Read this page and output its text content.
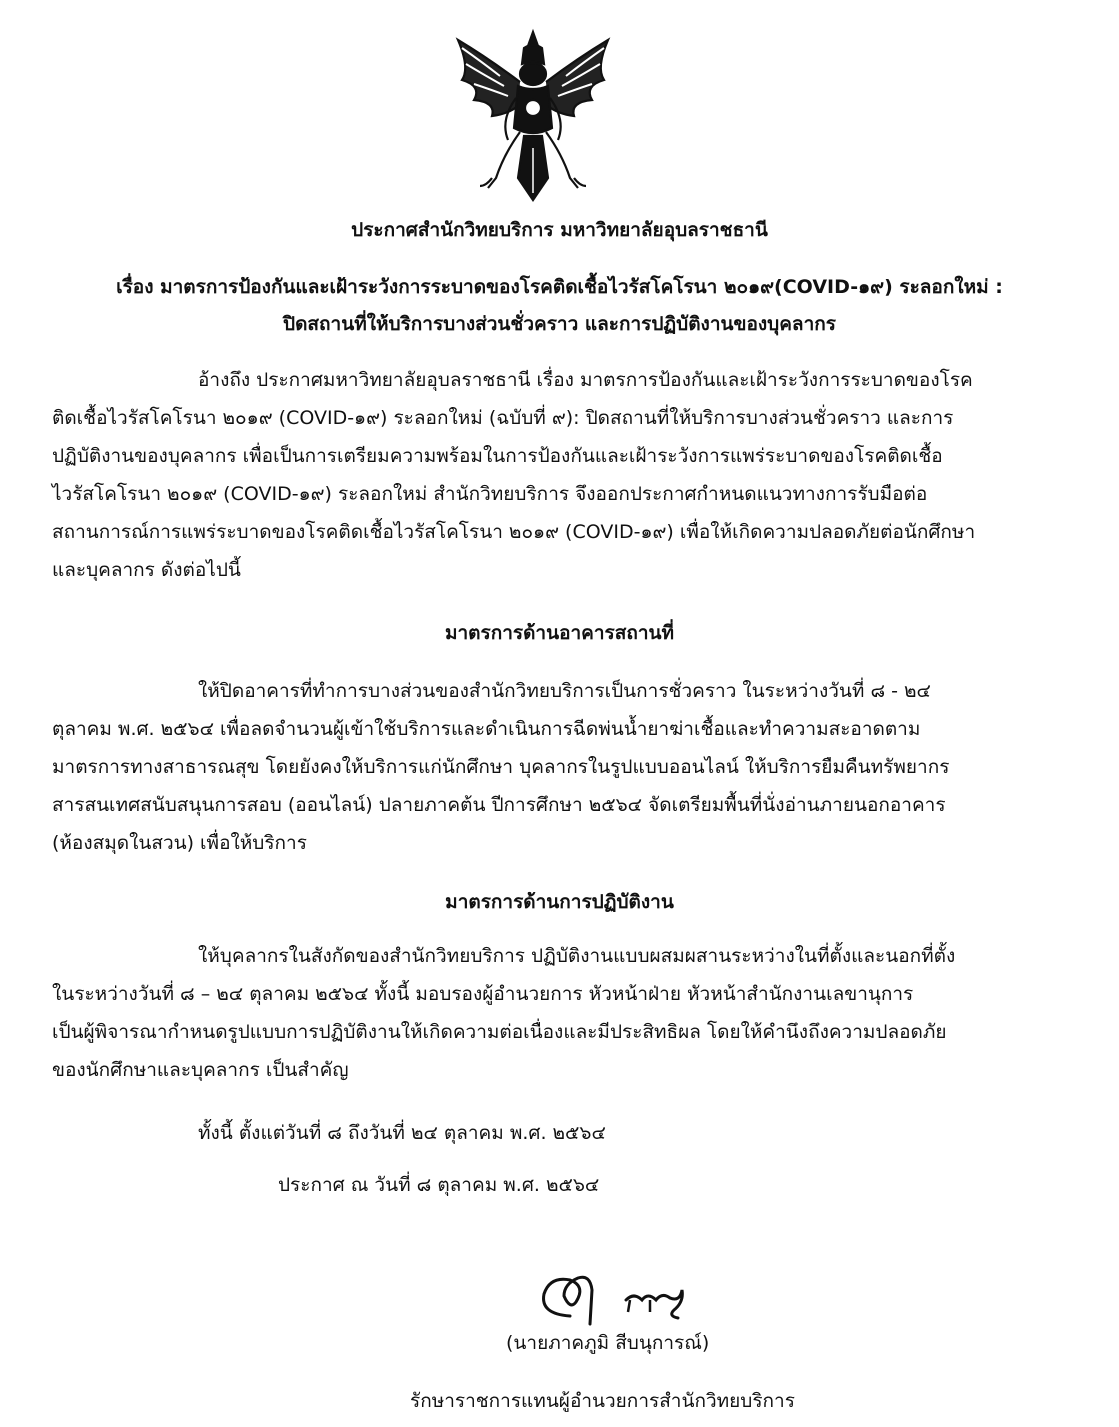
ประกาศสำนักวิทยบริการ มหาวิทยาลัยอุบลราชธานี
เรื่อง มาตรการป้องกันและเฝ้าระวังการระบาดของโรคติดเชื้อไวรัสโคโรนา ๒๐๑๙(COVID-๑๙) ระลอกใหม่ :
ปิดสถานที่ให้บริการบางส่วนชั่วคราว และการปฏิบัติงานของบุคลากร
อ้างถึง ประกาศมหาวิทยาลัยอุบลราชธานี เรื่อง มาตรการป้องกันและเฝ้าระวังการระบาดของโรค
ติดเชื้อไวรัสโคโรนา ๒๐๑๙ (COVID-๑๙) ระลอกใหม่ (ฉบับที่ ๙): ปิดสถานที่ให้บริการบางส่วนชั่วคราว และการ
ปฏิบัติงานของบุคลากร เพื่อเป็นการเตรียมความพร้อมในการป้องกันและเฝ้าระวังการแพร่ระบาดของโรคติดเชื้อ
ไวรัสโคโรนา ๒๐๑๙ (COVID-๑๙) ระลอกใหม่ สำนักวิทยบริการ จึงออกประกาศกำหนดแนวทางการรับมือต่อ
สถานการณ์การแพร่ระบาดของโรคติดเชื้อไวรัสโคโรนา ๒๐๑๙ (COVID-๑๙) เพื่อให้เกิดความปลอดภัยต่อนักศึกษา
และบุคลากร ดังต่อไปนี้
มาตรการด้านอาคารสถานที่
ให้ปิดอาคารที่ทำการบางส่วนของสำนักวิทยบริการเป็นการชั่วคราว ในระหว่างวันที่ ๘ - ๒๔
ตุลาคม พ.ศ. ๒๕๖๔ เพื่อลดจำนวนผู้เข้าใช้บริการและดำเนินการฉีดพ่นน้ำยาฆ่าเชื้อและทำความสะอาดตาม
มาตรการทางสาธารณสุข โดยยังคงให้บริการแก่นักศึกษา บุคลากรในรูปแบบออนไลน์ ให้บริการยืมคืนทรัพยากร
สารสนเทศสนับสนุนการสอบ (ออนไลน์) ปลายภาคต้น ปีการศึกษา ๒๕๖๔ จัดเตรียมพื้นที่นั่งอ่านภายนอกอาคาร
(ห้องสมุดในสวน) เพื่อให้บริการ
มาตรการด้านการปฏิบัติงาน
ให้บุคลากรในสังกัดของสำนักวิทยบริการ ปฏิบัติงานแบบผสมผสานระหว่างในที่ตั้งและนอกที่ตั้ง
ในระหว่างวันที่ ๘ – ๒๔ ตุลาคม ๒๕๖๔ ทั้งนี้ มอบรองผู้อำนวยการ หัวหน้าฝ่าย หัวหน้าสำนักงานเลขานุการ
เป็นผู้พิจารณากำหนดรูปแบบการปฏิบัติงานให้เกิดความต่อเนื่องและมีประสิทธิผล โดยให้คำนึงถึงความปลอดภัย
ของนักศึกษาและบุคลากร เป็นสำคัญ
ทั้งนี้ ตั้งแต่วันที่ ๘ ถึงวันที่ ๒๔ ตุลาคม พ.ศ. ๒๕๖๔
ประกาศ ณ วันที่ ๘ ตุลาคม พ.ศ. ๒๕๖๔
(นายภาคภูมิ สีบนุการณ์)
รักษาราชการแทนผู้อำนวยการสำนักวิทยบริการ
